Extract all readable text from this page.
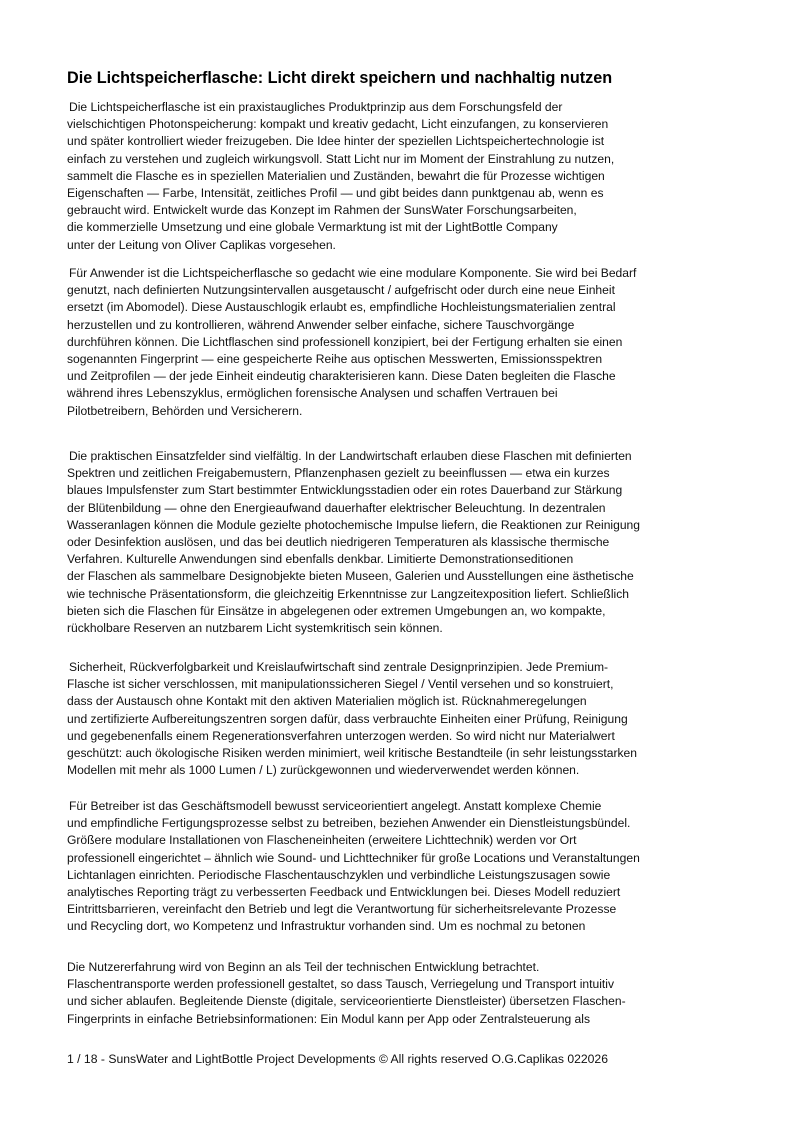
Die Lichtspeicherflasche: Licht direkt speichern und nachhaltig nutzen

Die Lichtspeicherflasche ist ein praxistaugliches Produktprinzip aus dem Forschungsfeld der
vielschichtigen Photonspeicherung: kompakt und kreativ gedacht, Licht einzufangen, zu konservieren
und später kontrolliert wieder freizugeben. Die Idee hinter der speziellen Lichtspeichertechnologie ist
einfach zu verstehen und zugleich wirkungsvoll. Statt Licht nur im Moment der Einstrahlung zu nutzen,
sammelt die Flasche es in speziellen Materialien und Zuständen, bewahrt die für Prozesse wichtigen
Eigenschaften — Farbe, Intensität, zeitliches Profil — und gibt beides dann punktgenau ab, wenn es
gebraucht wird. Entwickelt wurde das Konzept im Rahmen der SunsWater Forschungsarbeiten,
die kommerzielle Umsetzung und eine globale Vermarktung ist mit der LightBottle Company
unter der Leitung von Oliver Caplikas vorgesehen.

Für Anwender ist die Lichtspeicherflasche so gedacht wie eine modulare Komponente. Sie wird bei Bedarf
genutzt, nach definierten Nutzungsintervallen ausgetauscht / aufgefrischt oder durch eine neue Einheit
ersetzt (im Abomodel). Diese Austauschlogik erlaubt es, empfindliche Hochleistungsmaterialien zentral
herzustellen und zu kontrollieren, während Anwender selber einfache, sichere Tauschvorgänge
durchführen können. Die Lichtflaschen sind professionell konzipiert, bei der Fertigung erhalten sie einen
sogenannten Fingerprint — eine gespeicherte Reihe aus optischen Messwerten, Emissionsspektren
und Zeitprofilen — der jede Einheit eindeutig charakterisieren kann. Diese Daten begleiten die Flasche
während ihres Lebenszyklus, ermöglichen forensische Analysen und schaffen Vertrauen bei
Pilotbetreibern, Behörden und Versicherern.

Die praktischen Einsatzfelder sind vielfältig. In der Landwirtschaft erlauben diese Flaschen mit definierten
Spektren und zeitlichen Freigabemustern, Pflanzenphasen gezielt zu beeinflussen — etwa ein kurzes
blaues Impulsfenster zum Start bestimmter Entwicklungsstadien oder ein rotes Dauerband zur Stärkung
der Blütenbildung — ohne den Energieaufwand dauerhafter elektrischer Beleuchtung. In dezentralen
Wasseranlagen können die Module gezielte photochemische Impulse liefern, die Reaktionen zur Reinigung
oder Desinfektion auslösen, und das bei deutlich niedrigeren Temperaturen als klassische thermische
Verfahren. Kulturelle Anwendungen sind ebenfalls denkbar. Limitierte Demonstrationseditionen
der Flaschen als sammelbare Designobjekte bieten Museen, Galerien und Ausstellungen eine ästhetische
wie technische Präsentationsform, die gleichzeitig Erkenntnisse zur Langzeitexposition liefert. Schließlich
bieten sich die Flaschen für Einsätze in abgelegenen oder extremen Umgebungen an, wo kompakte,
rückholbare Reserven an nutzbarem Licht systemkritisch sein können.

Sicherheit, Rückverfolgbarkeit und Kreislaufwirtschaft sind zentrale Designprinzipien. Jede Premium-
Flasche ist sicher verschlossen, mit manipulationssicheren Siegel / Ventil versehen und so konstruiert,
dass der Austausch ohne Kontakt mit den aktiven Materialien möglich ist. Rücknahmeregelungen
und zertifizierte Aufbereitungszentren sorgen dafür, dass verbrauchte Einheiten einer Prüfung, Reinigung
und gegebenenfalls einem Regenerationsverfahren unterzogen werden. So wird nicht nur Materialwert
geschützt: auch ökologische Risiken werden minimiert, weil kritische Bestandteile (in sehr leistungsstarken
Modellen mit mehr als 1000 Lumen / L) zurückgewonnen und wiederverwendet werden können.

Für Betreiber ist das Geschäftsmodell bewusst serviceorientiert angelegt. Anstatt komplexe Chemie
und empfindliche Fertigungsprozesse selbst zu betreiben, beziehen Anwender ein Dienstleistungsbündel.
Größere modulare Installationen von Flascheneinheiten (erweitere Lichttechnik) werden vor Ort
professionell eingerichtet – ähnlich wie Sound- und Lichttechniker für große Locations und Veranstaltungen
Lichtanlagen einrichten. Periodische Flaschentauschzyklen und verbindliche Leistungszusagen sowie
analytisches Reporting trägt zu verbesserten Feedback und Entwicklungen bei. Dieses Modell reduziert
Eintrittsbarrieren, vereinfacht den Betrieb und legt die Verantwortung für sicherheitsrelevante Prozesse
und Recycling dort, wo Kompetenz und Infrastruktur vorhanden sind. Um es nochmal zu betonen

Die Nutzererfahrung wird von Beginn an als Teil der technischen Entwicklung betrachtet.
Flaschentransporte werden professionell gestaltet, so dass Tausch, Verriegelung und Transport intuitiv
und sicher ablaufen. Begleitende Dienste (digitale, serviceorientierte Dienstleister) übersetzen Flaschen-
Fingerprints in einfache Betriebsinformationen: Ein Modul kann per App oder Zentralsteuerung als

1 / 18 - SunsWater and LightBottle Project Developments © All rights reserved O.G.Caplikas 022026
